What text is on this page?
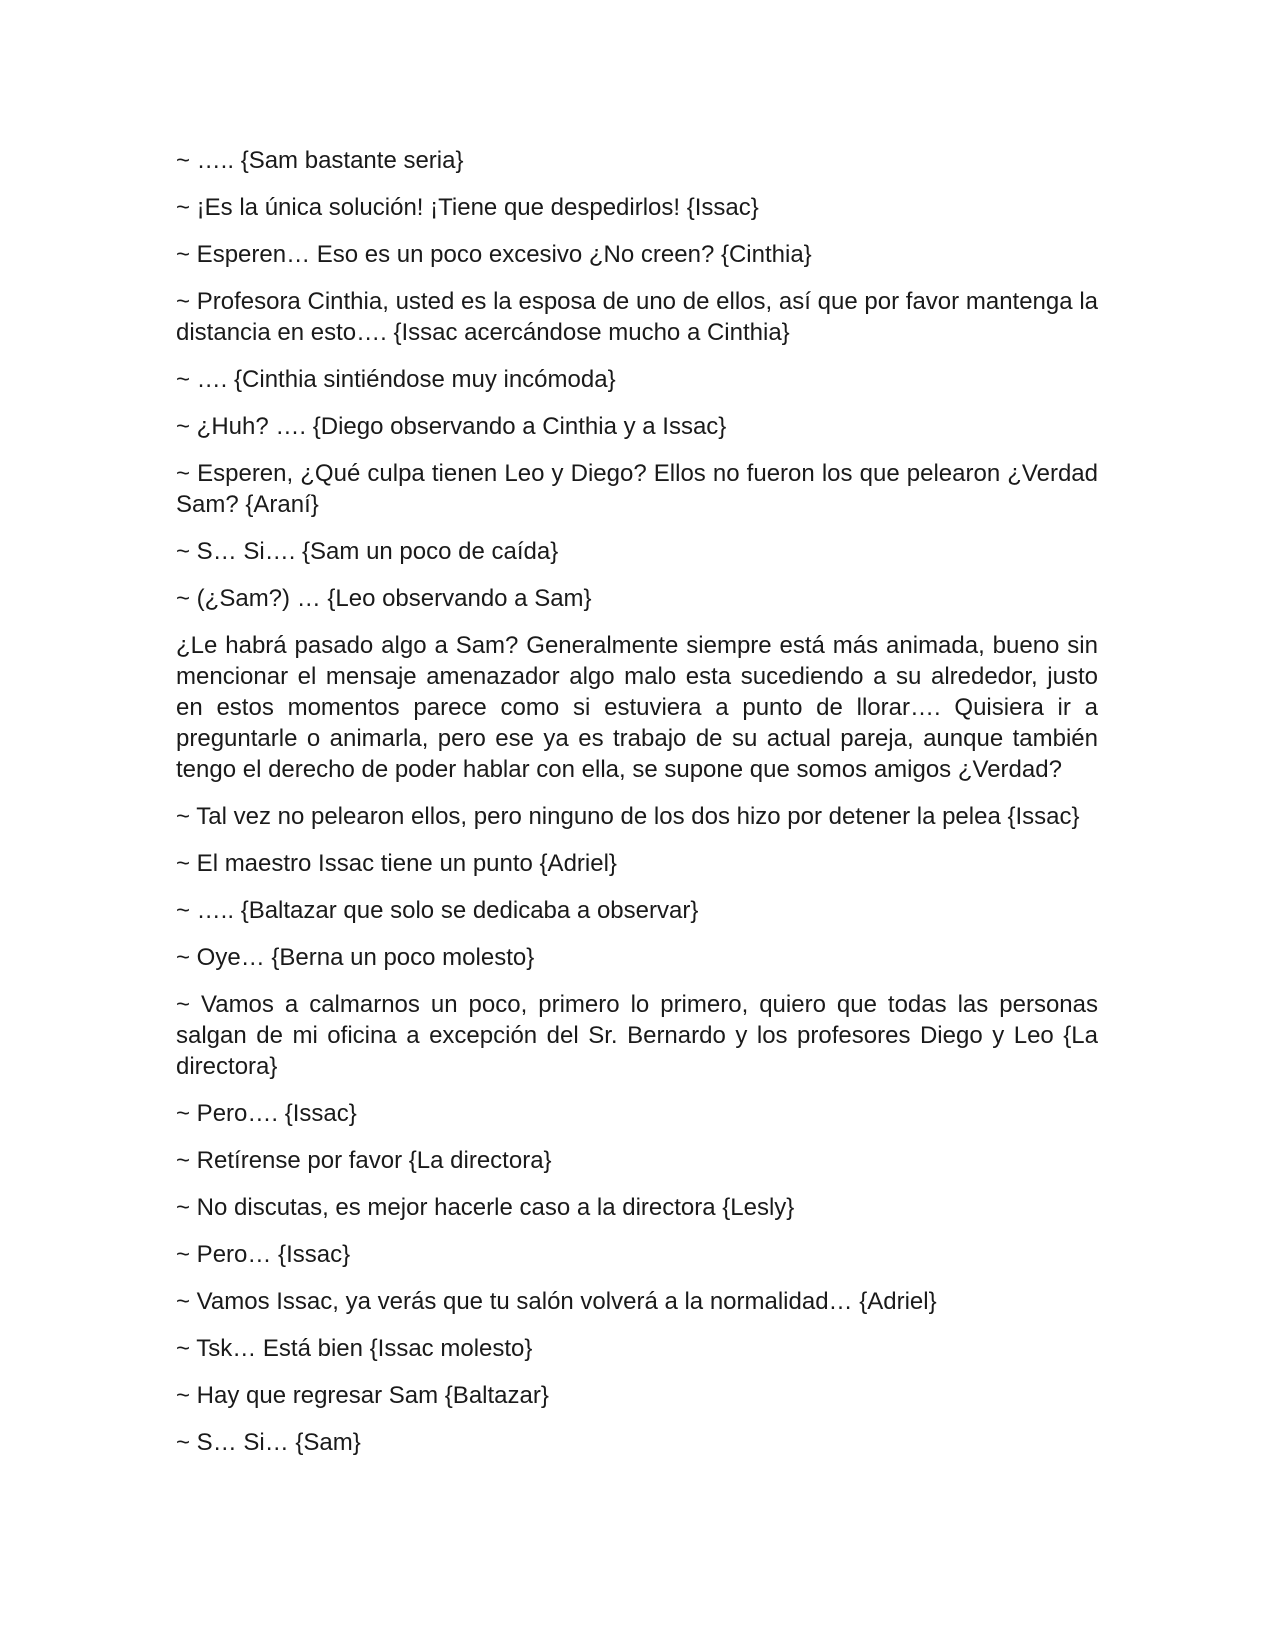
~ ….. {Sam bastante seria}

~ ¡Es la única solución! ¡Tiene que despedirlos! {Issac}

~ Esperen… Eso es un poco excesivo ¿No creen? {Cinthia}

~ Profesora Cinthia, usted es la esposa de uno de ellos, así que por favor mantenga la distancia en esto…. {Issac acercándose mucho a Cinthia}

~ …. {Cinthia sintiéndose muy incómoda}

~ ¿Huh? …. {Diego observando a Cinthia y a Issac}

~ Esperen, ¿Qué culpa tienen Leo y Diego? Ellos no fueron los que pelearon ¿Verdad Sam? {Araní}

~ S… Si…. {Sam un poco de caída}

~ (¿Sam?) … {Leo observando a Sam}

¿Le habrá pasado algo a Sam? Generalmente siempre está más animada, bueno sin mencionar el mensaje amenazador algo malo esta sucediendo a su alrededor, justo en estos momentos parece como si estuviera a punto de llorar…. Quisiera ir a preguntarle o animarla, pero ese ya es trabajo de su actual pareja, aunque también tengo el derecho de poder hablar con ella, se supone que somos amigos ¿Verdad?

~ Tal vez no pelearon ellos, pero ninguno de los dos hizo por detener la pelea {Issac}

~ El maestro Issac tiene un punto {Adriel}

~ ….. {Baltazar que solo se dedicaba a observar}

~ Oye… {Berna un poco molesto}

~ Vamos a calmarnos un poco, primero lo primero, quiero que todas las personas salgan de mi oficina a excepción del Sr. Bernardo y los profesores Diego y Leo {La directora}

~ Pero…. {Issac}

~ Retírense por favor {La directora}

~ No discutas, es mejor hacerle caso a la directora {Lesly}

~ Pero… {Issac}

~ Vamos Issac, ya verás que tu salón volverá a la normalidad… {Adriel}

~ Tsk… Está bien {Issac molesto}

~ Hay que regresar Sam {Baltazar}

~ S… Si… {Sam}
